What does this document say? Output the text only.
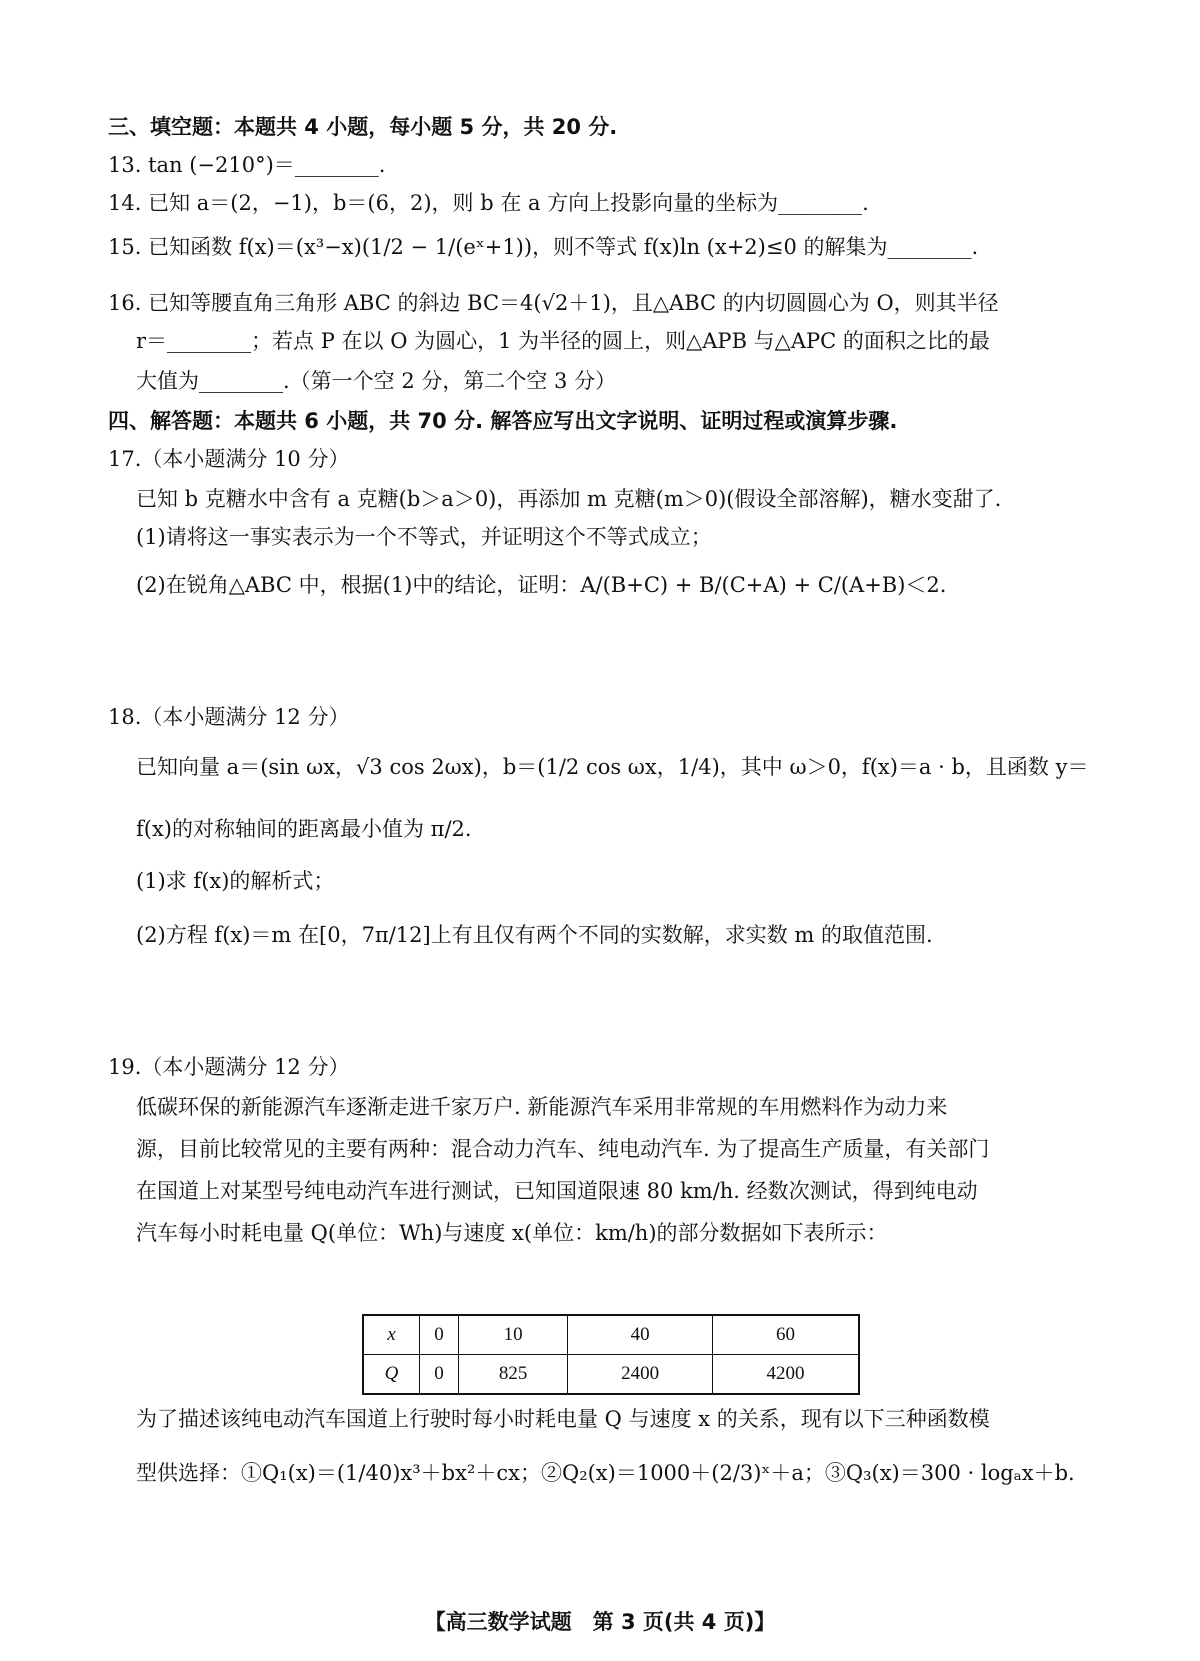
三、填空题：本题共 4 小题，每小题 5 分，共 20 分.
13. tan (−210°)＝________.
14. 已知 a＝(2，−1)，b＝(6，2)，则 b 在 a 方向上投影向量的坐标为________.
15. 已知函数 f(x)＝(x³−x)(1/2 − 1/(eˣ+1))，则不等式 f(x)ln (x+2)≤0 的解集为________.
16. 已知等腰直角三角形 ABC 的斜边 BC＝4(√2＋1)，且△ABC 的内切圆圆心为 O，则其半径
r＝________；若点 P 在以 O 为圆心，1 为半径的圆上，则△APB 与△APC 的面积之比的最
大值为________.（第一个空 2 分，第二个空 3 分）
四、解答题：本题共 6 小题，共 70 分. 解答应写出文字说明、证明过程或演算步骤.
17.（本小题满分 10 分）
已知 b 克糖水中含有 a 克糖(b＞a＞0)，再添加 m 克糖(m＞0)(假设全部溶解)，糖水变甜了.
(1)请将这一事实表示为一个不等式，并证明这个不等式成立；
(2)在锐角△ABC 中，根据(1)中的结论，证明：A/(B+C) + B/(C+A) + C/(A+B)＜2.
18.（本小题满分 12 分）
已知向量 a＝(sin ωx，√3 cos 2ωx)，b＝(1/2 cos ωx，1/4)，其中 ω＞0，f(x)＝a · b，且函数 y＝
f(x)的对称轴间的距离最小值为 π/2.
(1)求 f(x)的解析式；
(2)方程 f(x)＝m 在[0，7π/12]上有且仅有两个不同的实数解，求实数 m 的取值范围.
19.（本小题满分 12 分）
低碳环保的新能源汽车逐渐走进千家万户. 新能源汽车采用非常规的车用燃料作为动力来
源，目前比较常见的主要有两种：混合动力汽车、纯电动汽车. 为了提高生产质量，有关部门
在国道上对某型号纯电动汽车进行测试，已知国道限速 80 km/h. 经数次测试，得到纯电动
汽车每小时耗电量 Q(单位：Wh)与速度 x(单位：km/h)的部分数据如下表所示：
x	0	10	40	60
Q	0	825	2400	4200
为了描述该纯电动汽车国道上行驶时每小时耗电量 Q 与速度 x 的关系，现有以下三种函数模
型供选择：①Q₁(x)＝(1/40)x³＋bx²＋cx；②Q₂(x)＝1000＋(2/3)ˣ＋a；③Q₃(x)＝300 · logₐx＋b.
【高三数学试题　第 3 页(共 4 页)】
